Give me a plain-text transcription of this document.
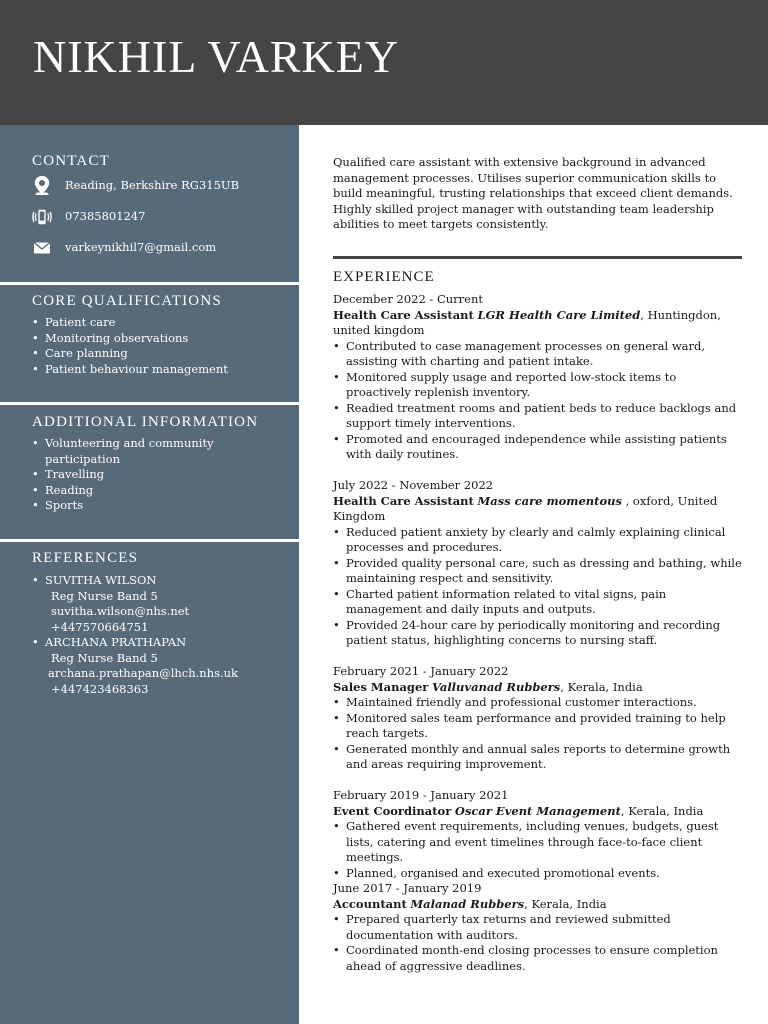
NIKHIL VARKEY
CONTACT
Reading, Berkshire RG315UB
07385801247
varkeynikhil7@gmail.com
CORE QUALIFICATIONS
• Patient care
• Monitoring observations
• Care planning
• Patient behaviour management
ADDITIONAL INFORMATION
• Volunteering and community participation
• Travelling
• Reading
• Sports
REFERENCES
• SUVITHA WILSON
Reg Nurse Band 5
suvitha.wilson@nhs.net
+447570664751
• ARCHANA PRATHAPAN
Reg Nurse Band 5
archana.prathapan@lhch.nhs.uk
+447423468363

Qualified care assistant with extensive background in advanced management processes. Utilises superior communication skills to build meaningful, trusting relationships that exceed client demands. Highly skilled project manager with outstanding team leadership abilities to meet targets consistently.

EXPERIENCE
December 2022 - Current
Health Care Assistant LGR Health Care Limited, Huntingdon, united kingdom
• Contributed to case management processes on general ward, assisting with charting and patient intake.
• Monitored supply usage and reported low-stock items to proactively replenish inventory.
• Readied treatment rooms and patient beds to reduce backlogs and support timely interventions.
• Promoted and encouraged independence while assisting patients with daily routines.
July 2022 - November 2022
Health Care Assistant Mass care momentous , oxford, United Kingdom
• Reduced patient anxiety by clearly and calmly explaining clinical processes and procedures.
• Provided quality personal care, such as dressing and bathing, while maintaining respect and sensitivity.
• Charted patient information related to vital signs, pain management and daily inputs and outputs.
• Provided 24-hour care by periodically monitoring and recording patient status, highlighting concerns to nursing staff.
February 2021 - January 2022
Sales Manager Valluvanad Rubbers, Kerala, India
• Maintained friendly and professional customer interactions.
• Monitored sales team performance and provided training to help reach targets.
• Generated monthly and annual sales reports to determine growth and areas requiring improvement.
February 2019 - January 2021
Event Coordinator Oscar Event Management, Kerala, India
• Gathered event requirements, including venues, budgets, guest lists, catering and event timelines through face-to-face client meetings.
• Planned, organised and executed promotional events.
June 2017 - January 2019
Accountant Malanad Rubbers, Kerala, India
• Prepared quarterly tax returns and reviewed submitted documentation with auditors.
• Coordinated month-end closing processes to ensure completion ahead of aggressive deadlines.
